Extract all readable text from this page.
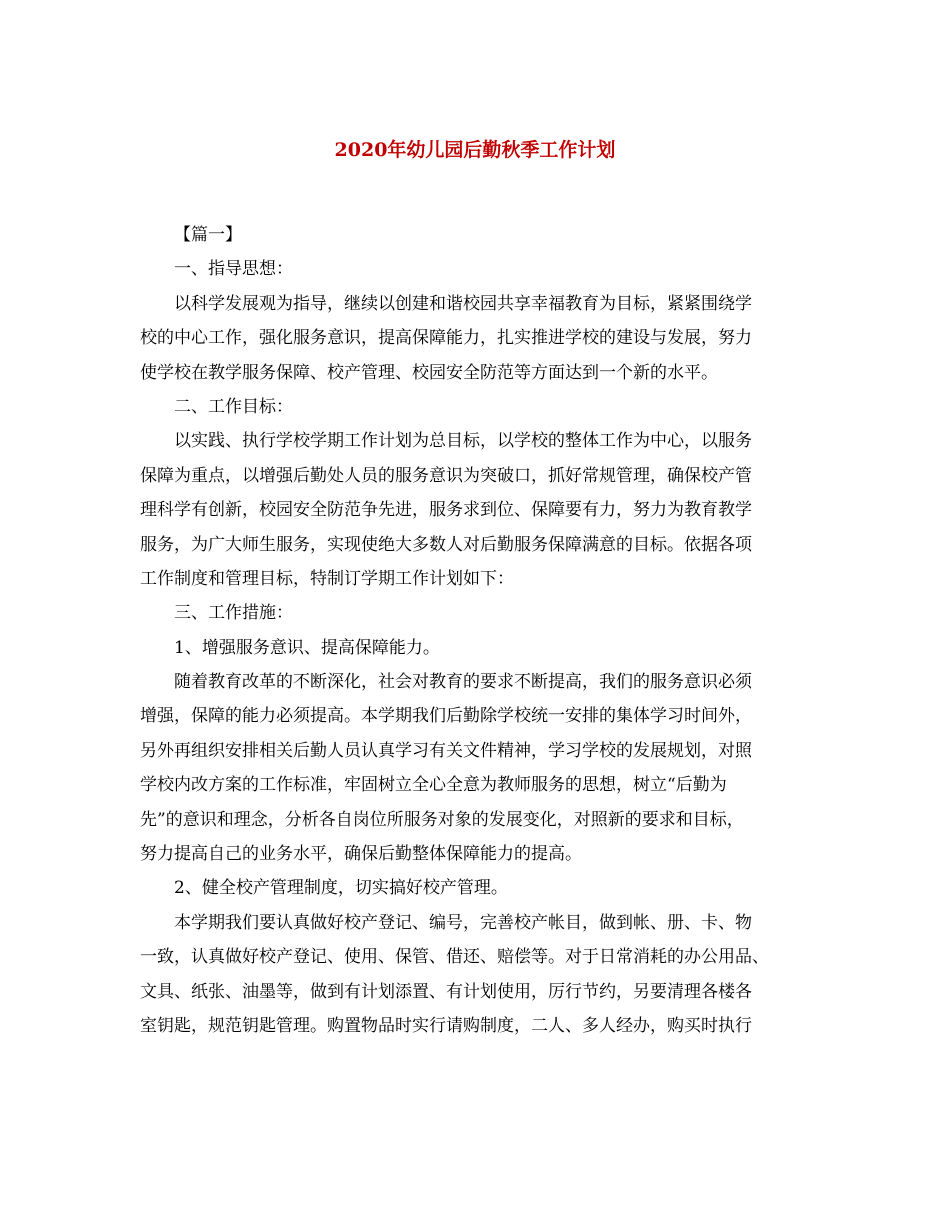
2020年幼儿园后勤秋季工作计划
【篇一】
一、指导思想：
以科学发展观为指导，继续以创建和谐校园共享幸福教育为目标，紧紧围绕学
校的中心工作，强化服务意识，提高保障能力，扎实推进学校的建设与发展，努力
使学校在教学服务保障、校产管理、校园安全防范等方面达到一个新的水平。
二、工作目标：
以实践、执行学校学期工作计划为总目标，以学校的整体工作为中心，以服务
保障为重点，以增强后勤处人员的服务意识为突破口，抓好常规管理，确保校产管
理科学有创新，校园安全防范争先进，服务求到位、保障要有力，努力为教育教学
服务，为广大师生服务，实现使绝大多数人对后勤服务保障满意的目标。依据各项
工作制度和管理目标，特制订学期工作计划如下：
三、工作措施：
1、增强服务意识、提高保障能力。
随着教育改革的不断深化，社会对教育的要求不断提高，我们的服务意识必须
增强，保障的能力必须提高。本学期我们后勤除学校统一安排的集体学习时间外，
另外再组织安排相关后勤人员认真学习有关文件精神，学习学校的发展规划，对照
学校内改方案的工作标准，牢固树立全心全意为教师服务的思想，树立“后勤为
先”的意识和理念，分析各自岗位所服务对象的发展变化，对照新的要求和目标，
努力提高自己的业务水平，确保后勤整体保障能力的提高。
2、健全校产管理制度，切实搞好校产管理。
本学期我们要认真做好校产登记、编号，完善校产帐目，做到帐、册、卡、物
一致，认真做好校产登记、使用、保管、借还、赔偿等。对于日常消耗的办公用品、
文具、纸张、油墨等，做到有计划添置、有计划使用，厉行节约，另要清理各楼各
室钥匙，规范钥匙管理。购置物品时实行请购制度，二人、多人经办，购买时执行
